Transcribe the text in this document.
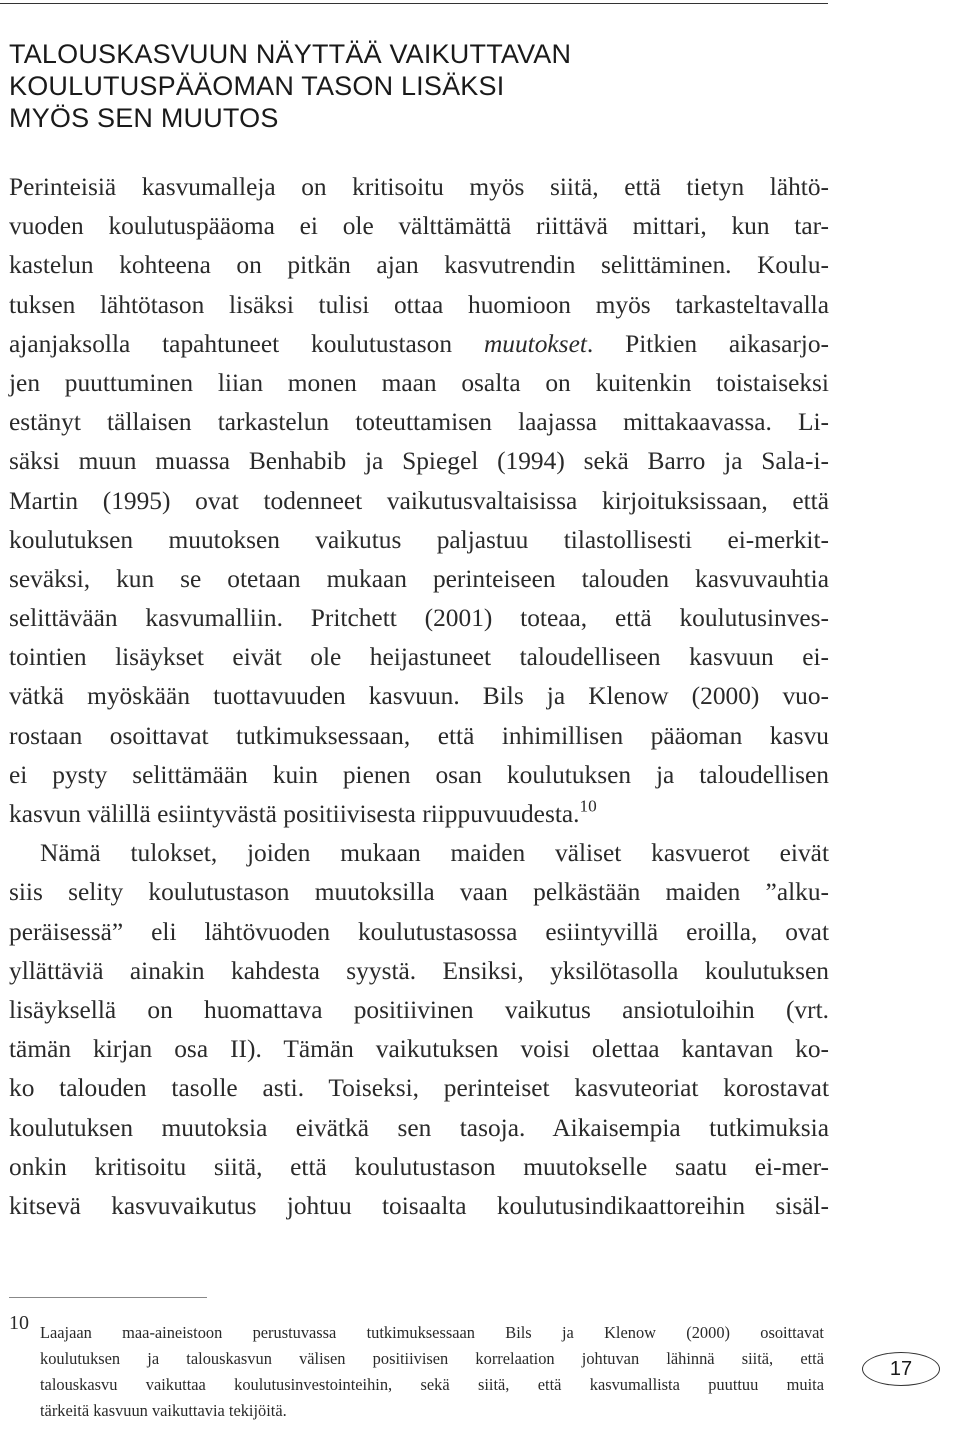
TALOUSKASVUUN NÄYTTÄÄ VAIKUTTAVAN
KOULUTUSPÄÄOMAN TASON LISÄKSI
MYÖS SEN MUUTOS
Perinteisiä kasvumalleja on kritisoitu myös siitä, että tietyn lähtö-
vuoden koulutuspääoma ei ole välttämättä riittävä mittari, kun tar-
kastelun kohteena on pitkän ajan kasvutrendin selittäminen. Koulu-
tuksen lähtötason lisäksi tulisi ottaa huomioon myös tarkasteltavalla
ajanjaksolla tapahtuneet koulutustason muutokset. Pitkien aikasarjo-
jen puuttuminen liian monen maan osalta on kuitenkin toistaiseksi
estänyt tällaisen tarkastelun toteuttamisen laajassa mittakaavassa. Li-
säksi muun muassa Benhabib ja Spiegel (1994) sekä Barro ja Sala-i-
Martin (1995) ovat todenneet vaikutusvaltaisissa kirjoituksissaan, että
koulutuksen muutoksen vaikutus paljastuu tilastollisesti ei-merkit-
seväksi, kun se otetaan mukaan perinteiseen talouden kasvuvauhtia
selittävään kasvumalliin. Pritchett (2001) toteaa, että koulutusinves-
tointien lisäykset eivät ole heijastuneet taloudelliseen kasvuun ei-
vätkä myöskään tuottavuuden kasvuun. Bils ja Klenow (2000) vuo-
rostaan osoittavat tutkimuksessaan, että inhimillisen pääoman kasvu
ei pysty selittämään kuin pienen osan koulutuksen ja taloudellisen
kasvun välillä esiintyvästä positiivisesta riippuvuudesta.$^{10}$
Nämä tulokset, joiden mukaan maiden väliset kasvuerot eivät
siis selity koulutustason muutoksilla vaan pelkästään maiden ”alku-
peräisessä” eli lähtövuoden koulutustasossa esiintyvillä eroilla, ovat
yllättäviä ainakin kahdesta syystä. Ensiksi, yksilötasolla koulutuksen
lisäyksellä on huomattava positiivinen vaikutus ansiotuloihin (vrt.
tämän kirjan osa II). Tämän vaikutuksen voisi olettaa kantavan ko-
ko talouden tasolle asti. Toiseksi, perinteiset kasvuteoriat korostavat
koulutuksen muutoksia eivätkä sen tasoja. Aikaisempia tutkimuksia
onkin kritisoitu siitä, että koulutustason muutokselle saatu ei-mer-
kitsevä kasvuvaikutus johtuu toisaalta koulutusindikaattoreihin sisäl-
10 Laajaan maa-aineistoon perustuvassa tutkimuksessaan Bils ja Klenow (2000) osoittavat
koulutuksen ja talouskasvun välisen positiivisen korrelaation johtuvan lähinnä siitä, että
talouskasvu vaikuttaa koulutusinvestointeihin, sekä siitä, että kasvumallista puuttuu muita
tärkeitä kasvuun vaikuttavia tekijöitä.
17
